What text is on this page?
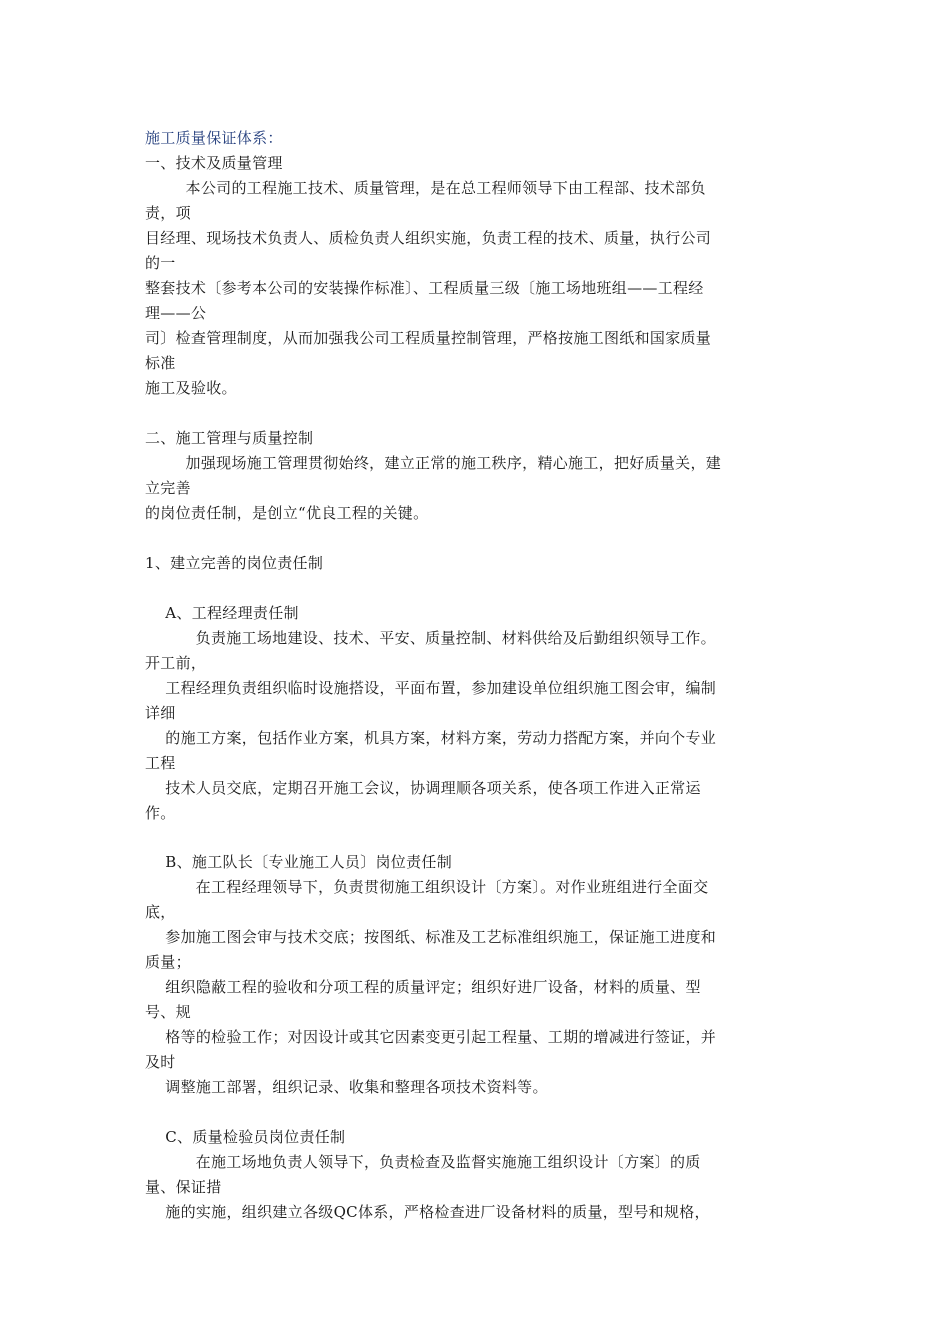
施工质量保证体系：
一、技术及质量管理
本公司的工程施工技术、质量管理，是在总工程师领导下由工程部、技术部负
责，项
目经理、现场技术负责人、质检负责人组织实施，负责工程的技术、质量，执行公司
的一
整套技术〔参考本公司的安装操作标准〕、工程质量三级〔施工场地班组——工程经
理——公
司〕检查管理制度，从而加强我公司工程质量控制管理，严格按施工图纸和国家质量
标准
施工及验收。
二、施工管理与质量控制
加强现场施工管理贯彻始终，建立正常的施工秩序，精心施工，把好质量关，建
立完善
的岗位责任制，是创立“优良工程的关键。
1、建立完善的岗位责任制
A、工程经理责任制
负责施工场地建设、技术、平安、质量控制、材料供给及后勤组织领导工作。
开工前，
工程经理负责组织临时设施搭设，平面布置，参加建设单位组织施工图会审，编制
详细
的施工方案，包括作业方案，机具方案，材料方案，劳动力搭配方案，并向个专业
工程
技术人员交底，定期召开施工会议，协调理顺各项关系，使各项工作进入正常运
作。
B、施工队长〔专业施工人员〕岗位责任制
在工程经理领导下，负责贯彻施工组织设计〔方案〕。对作业班组进行全面交
底，
参加施工图会审与技术交底；按图纸、标准及工艺标准组织施工，保证施工进度和
质量；
组织隐蔽工程的验收和分项工程的质量评定；组织好进厂设备，材料的质量、型
号、规
格等的检验工作；对因设计或其它因素变更引起工程量、工期的增减进行签证，并
及时
调整施工部署，组织记录、收集和整理各项技术资料等。
C、质量检验员岗位责任制
在施工场地负责人领导下，负责检查及监督实施施工组织设计〔方案〕的质
量、保证措
施的实施，组织建立各级QC体系，严格检查进厂设备材料的质量，型号和规格，
